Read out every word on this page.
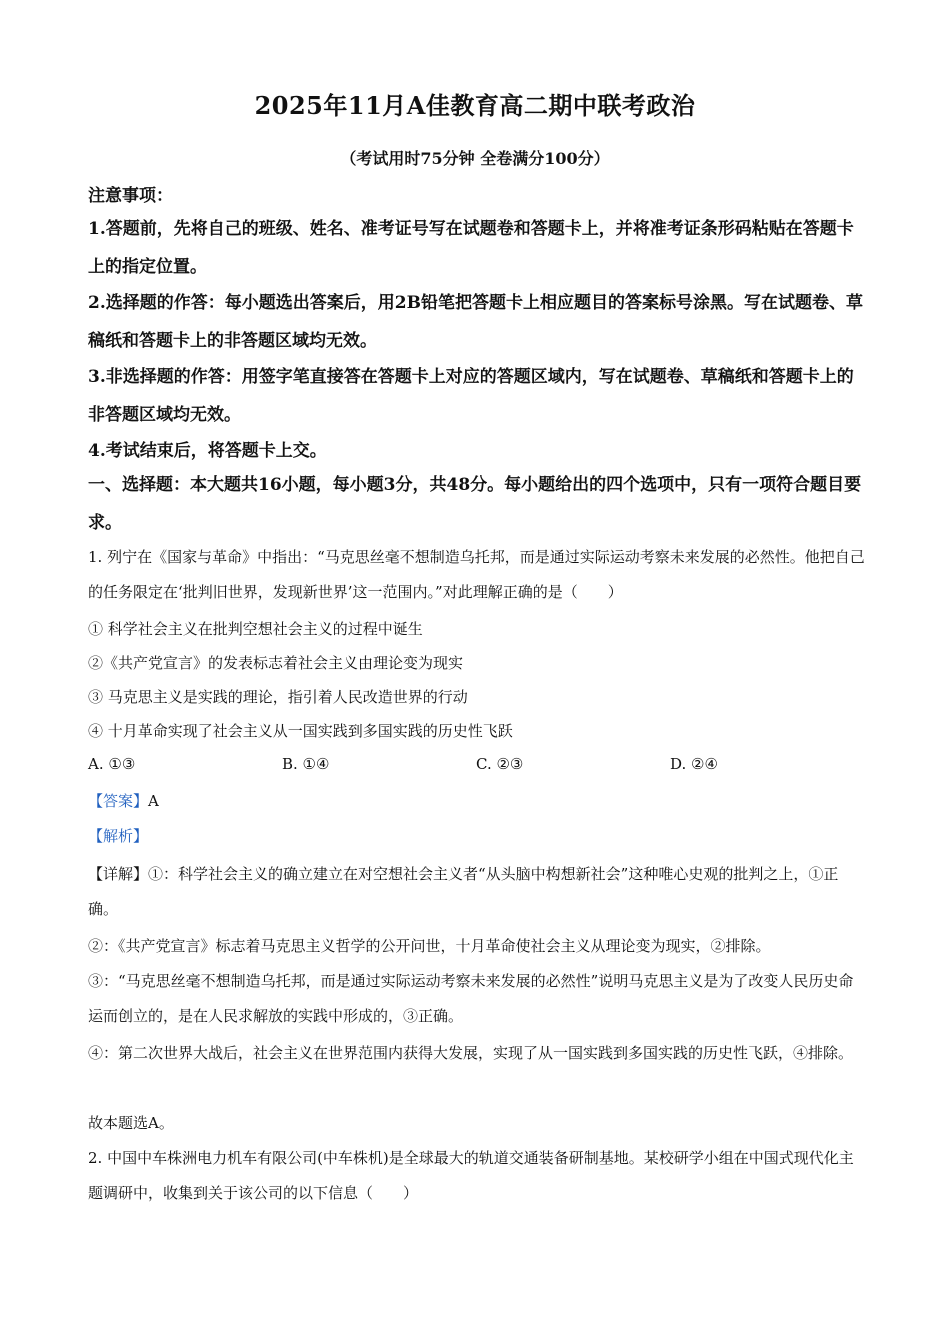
2025年11月A佳教育高二期中联考政治
（考试用时75分钟 全卷满分100分）
注意事项：
1.答题前，先将自己的班级、姓名、准考证号写在试题卷和答题卡上，并将准考证条形码粘贴在答题卡上的指定位置。
2.选择题的作答：每小题选出答案后，用2B铅笔把答题卡上相应题目的答案标号涂黑。写在试题卷、草稿纸和答题卡上的非答题区域均无效。
3.非选择题的作答：用签字笔直接答在答题卡上对应的答题区域内，写在试题卷、草稿纸和答题卡上的非答题区域均无效。
4.考试结束后，将答题卡上交。
一、选择题：本大题共16小题，每小题3分，共48分。每小题给出的四个选项中，只有一项符合题目要求。
1. 列宁在《国家与革命》中指出：“马克思丝毫不想制造乌托邦，而是通过实际运动考察未来发展的必然性。他把自己的任务限定在‘批判旧世界，发现新世界’这一范围内。”对此理解正确的是（　　）
① 科学社会主义在批判空想社会主义的过程中诞生
②《共产党宣言》的发表标志着社会主义由理论变为现实
③ 马克思主义是实践的理论，指引着人民改造世界的行动
④ 十月革命实现了社会主义从一国实践到多国实践的历史性飞跃
A. ①③	B. ①④	C. ②③	D. ②④
【答案】A
【解析】
【详解】①：科学社会主义的确立建立在对空想社会主义者“从头脑中构想新社会”这种唯心史观的批判之上，①正确。
②：《共产党宣言》标志着马克思主义哲学的公开问世，十月革命使社会主义从理论变为现实，②排除。
③：“马克思丝毫不想制造乌托邦，而是通过实际运动考察未来发展的必然性”说明马克思主义是为了改变人民历史命运而创立的，是在人民求解放的实践中形成的，③正确。
④：第二次世界大战后，社会主义在世界范围内获得大发展，实现了从一国实践到多国实践的历史性飞跃，④排除。
故本题选A。
2. 中国中车株洲电力机车有限公司(中车株机)是全球最大的轨道交通装备研制基地。某校研学小组在中国式现代化主题调研中，收集到关于该公司的以下信息（　　）
